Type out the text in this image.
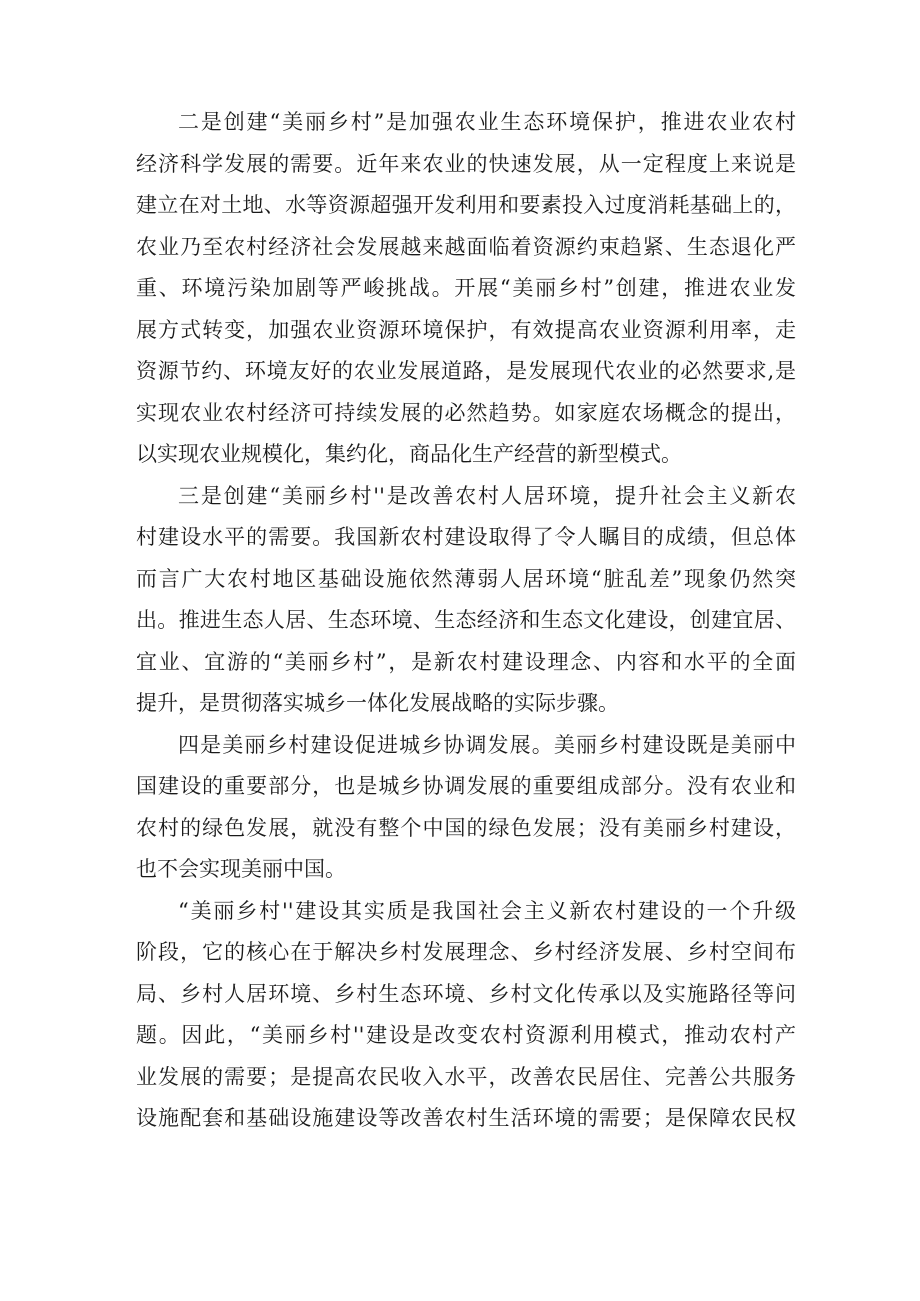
二是创建“美丽乡村”是加强农业生态环境保护，推进农业农村
经济科学发展的需要。近年来农业的快速发展，从一定程度上来说是
建立在对土地、水等资源超强开发利用和要素投入过度消耗基础上的，
农业乃至农村经济社会发展越来越面临着资源约束趋紧、生态退化严
重、环境污染加剧等严峻挑战。开展“美丽乡村”创建，推进农业发
展方式转变，加强农业资源环境保护，有效提高农业资源利用率，走
资源节约、环境友好的农业发展道路，是发展现代农业的必然要求,是
实现农业农村经济可持续发展的必然趋势。如家庭农场概念的提出，
以实现农业规模化，集约化，商品化生产经营的新型模式。
三是创建“美丽乡村''是改善农村人居环境，提升社会主义新农
村建设水平的需要。我国新农村建设取得了令人瞩目的成绩，但总体
而言广大农村地区基础设施依然薄弱人居环境“脏乱差”现象仍然突
出。推进生态人居、生态环境、生态经济和生态文化建设，创建宜居、
宜业、宜游的“美丽乡村”，是新农村建设理念、内容和水平的全面
提升，是贯彻落实城乡一体化发展战略的实际步骤。
四是美丽乡村建设促进城乡协调发展。美丽乡村建设既是美丽中
国建设的重要部分，也是城乡协调发展的重要组成部分。没有农业和
农村的绿色发展，就没有整个中国的绿色发展；没有美丽乡村建设，
也不会实现美丽中国。
“美丽乡村''建设其实质是我国社会主义新农村建设的一个升级
阶段，它的核心在于解决乡村发展理念、乡村经济发展、乡村空间布
局、乡村人居环境、乡村生态环境、乡村文化传承以及实施路径等问
题。因此，“美丽乡村''建设是改变农村资源利用模式，推动农村产
业发展的需要；是提高农民收入水平，改善农民居住、完善公共服务
设施配套和基础设施建设等改善农村生活环境的需要；是保障农民权
